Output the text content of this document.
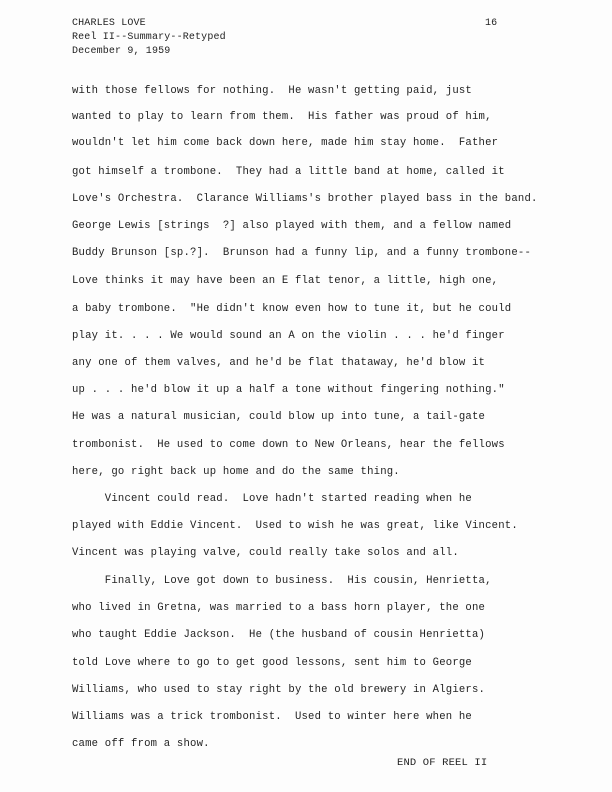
CHARLES LOVE
Reel II--Summary--Retyped
December 9, 1959
16
with those fellows for nothing.  He wasn't getting paid, just
wanted to play to learn from them.  His father was proud of him,
wouldn't let him come back down here, made him stay home.  Father
got himself a trombone.  They had a little band at home, called it
Love's Orchestra.  Clarance Williams's brother played bass in the band.
George Lewis [strings  ?] also played with them, and a fellow named
Buddy Brunson [sp.?].  Brunson had a funny lip, and a funny trombone--
Love thinks it may have been an E flat tenor, a little, high one,
a baby trombone.  "He didn't know even how to tune it, but he could
play it. . . . We would sound an A on the violin . . . he'd finger
any one of them valves, and he'd be flat thataway, he'd blow it
up . . . he'd blow it up a half a tone without fingering nothing."
He was a natural musician, could blow up into tune, a tail-gate
trombonist.  He used to come down to New Orleans, hear the fellows
here, go right back up home and do the same thing.
Vincent could read.  Love hadn't started reading when he
played with Eddie Vincent.  Used to wish he was great, like Vincent.
Vincent was playing valve, could really take solos and all.
Finally, Love got down to business.  His cousin, Henrietta,
who lived in Gretna, was married to a bass horn player, the one
who taught Eddie Jackson.  He (the husband of cousin Henrietta)
told Love where to go to get good lessons, sent him to George
Williams, who used to stay right by the old brewery in Algiers.
Williams was a trick trombonist.  Used to winter here when he
came off from a show.
END OF REEL II
